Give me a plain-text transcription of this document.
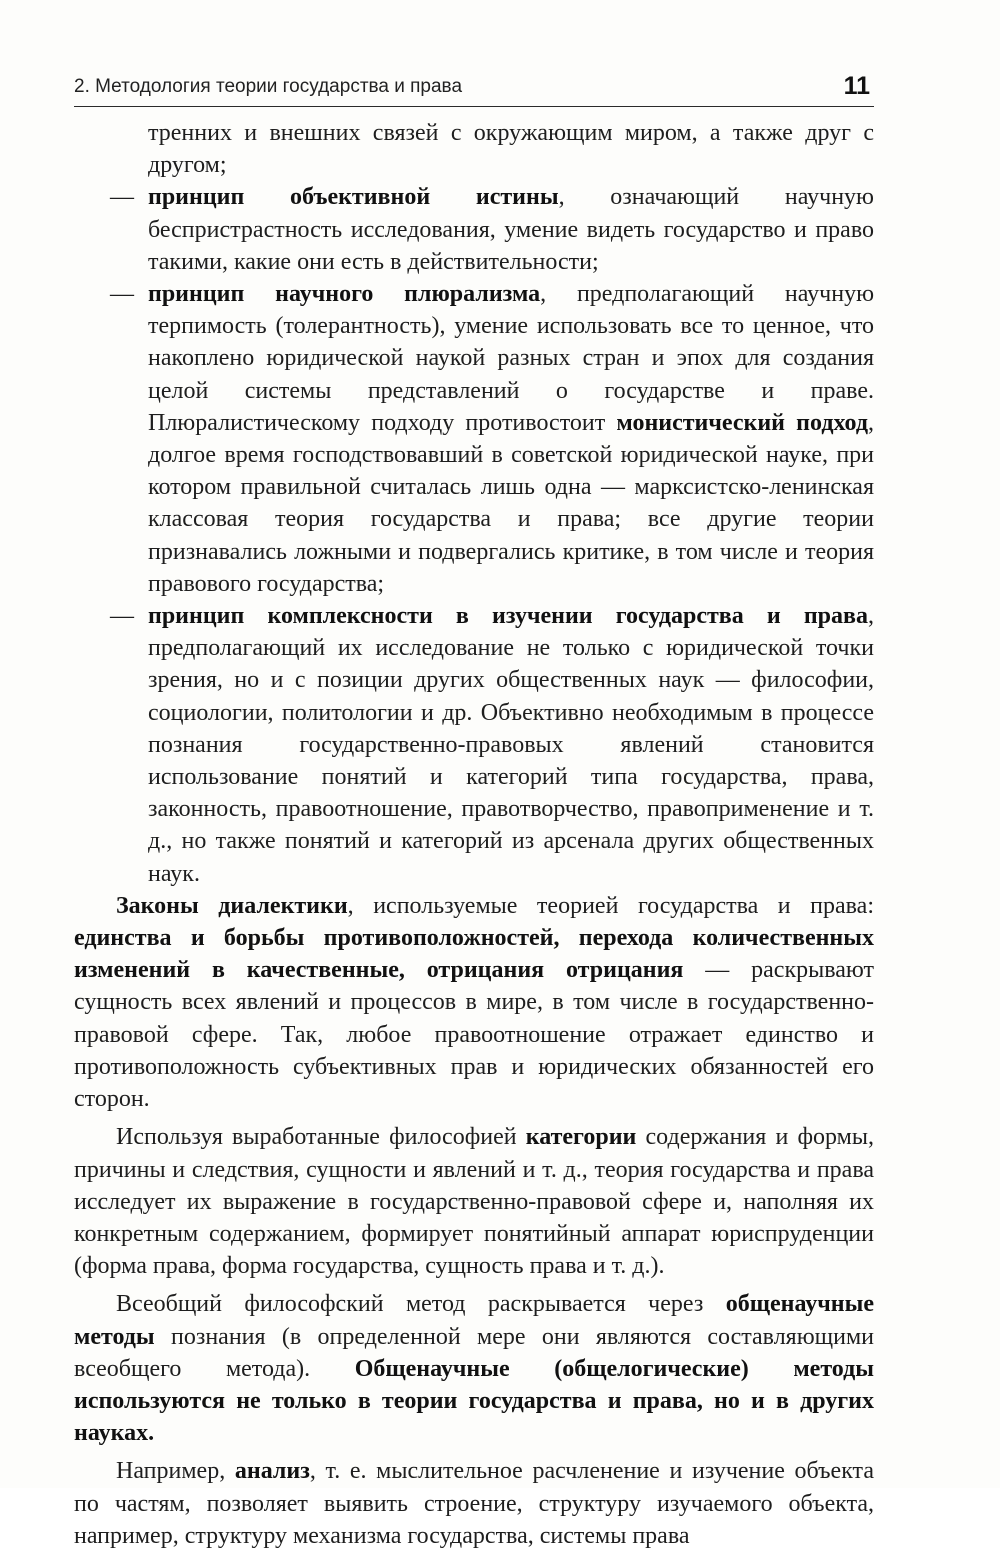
2. Методология теории государства и права	11

тренних и внешних связей с окружающим миром, а также друг с другом;

— принцип объективной истины, означающий научную беспристрастность исследования, умение видеть государство и право такими, какие они есть в действительности;

— принцип научного плюрализма, предполагающий научную терпимость (толерантность), умение использовать все то ценное, что накоплено юридической наукой разных стран и эпох для создания целой системы представлений о государстве и праве. Плюралистическому подходу противостоит монистический подход, долгое время господствовавший в советской юридической науке, при котором правильной считалась лишь одна — марксистско-ленинская классовая теория государства и права; все другие теории признавались ложными и подвергались критике, в том числе и теория правового государства;

— принцип комплексности в изучении государства и права, предполагающий их исследование не только с юридической точки зрения, но и с позиции других общественных наук — философии, социологии, политологии и др. Объективно необходимым в процессе познания государственно-правовых явлений становится использование понятий и категорий типа государства, права, законность, правоотношение, правотворчество, правоприменение и т. д., но также понятий и категорий из арсенала других общественных наук.

Законы диалектики, используемые теорией государства и права: единства и борьбы противоположностей, перехода количественных изменений в качественные, отрицания отрицания — раскрывают сущность всех явлений и процессов в мире, в том числе в государственно-правовой сфере. Так, любое правоотношение отражает единство и противоположность субъективных прав и юридических обязанностей его сторон.

Используя выработанные философией категории содержания и формы, причины и следствия, сущности и явлений и т. д., теория государства и права исследует их выражение в государственно-правовой сфере и, наполняя их конкретным содержанием, формирует понятийный аппарат юриспруденции (форма права, форма государства, сущность права и т. д.).

Всеобщий философский метод раскрывается через общенаучные методы познания (в определенной мере они являются составляющими всеобщего метода). Общенаучные (общелогические) методы используются не только в теории государства и права, но и в других науках.

Например, анализ, т. е. мыслительное расчленение и изучение объекта по частям, позволяет выявить строение, структуру изучаемого объекта, например, структуру механизма государства, системы права
